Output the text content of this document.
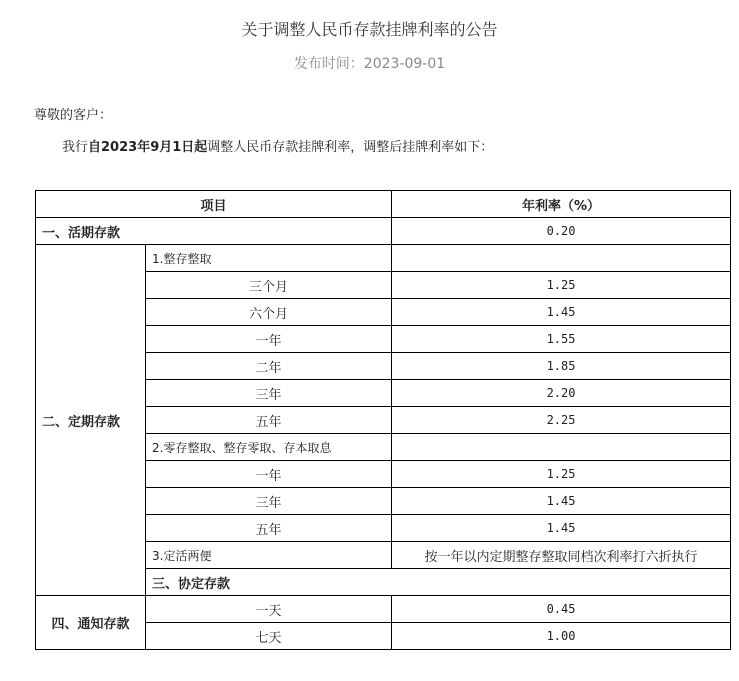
关于调整人民币存款挂牌利率的公告
发布时间：2023-09-01
尊敬的客户：
我行自2023年9月1日起调整人民币存款挂牌利率，调整后挂牌利率如下：
项目		年利率（%）	
一、活期存款		0.20	
二、定期存款	1.整存整取		
	三个月	1.25	
	六个月	1.45	
	一年	1.55	
	二年	1.85	
	三年	2.20	
	五年	2.25	
	2.零存整取、整存零取、存本取息		
	一年	1.25	
	三年	1.45	
	五年	1.45	
	3.定活两便	按一年以内定期整存整取同档次利率打六折执行	
	三、协定存款	
四、通知存款	一天	0.45	
	七天	1.00	
